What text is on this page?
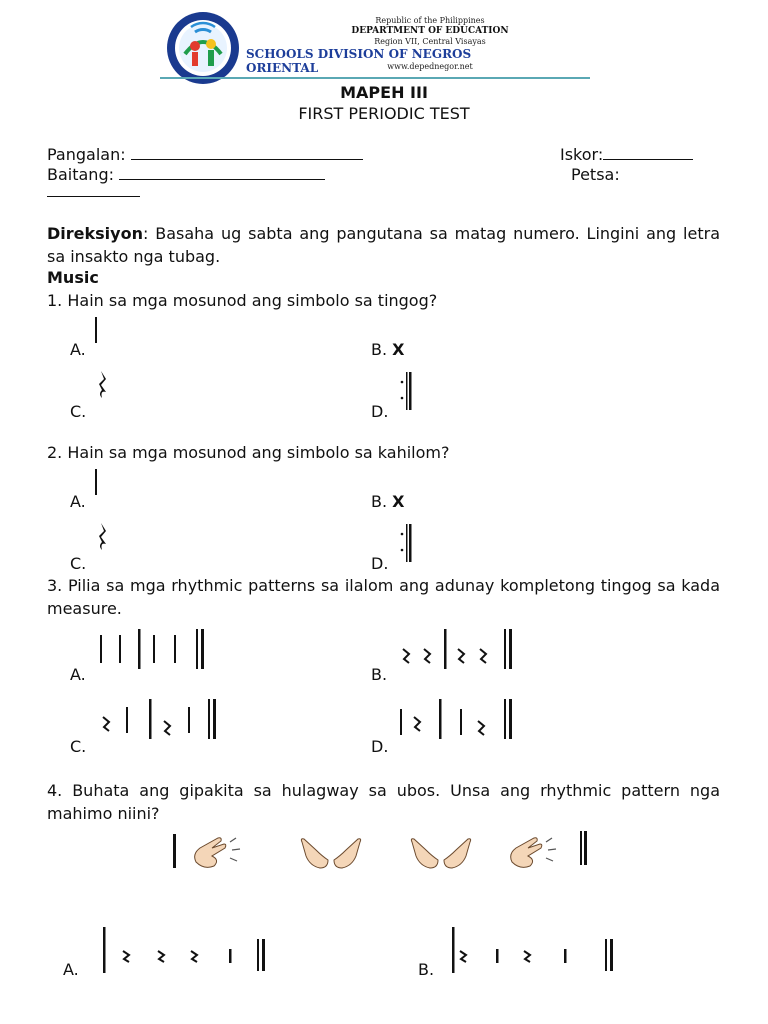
Republic of the Philippines
DEPARTMENT OF EDUCATION
Region VII, Central Visayas
SCHOOLS DIVISION OF NEGROS ORIENTAL	www.depednegor.net
MAPEH III
FIRST PERIODIC TEST
Pangalan:	Iskor:
Baitang:	Petsa:
Direksiyon: Basaha ug sabta ang pangutana sa matag numero. Lingini ang letra sa insakto nga tubag.
Music
1. Hain sa mga mosunod ang simbolo sa tingog?
A.	B. X
C.	D.
2. Hain sa mga mosunod ang simbolo sa kahilom?
A.	B. X
C.	D.
3. Pilia sa mga rhythmic patterns sa ilalom ang adunay kompletong tingog sa kada measure.
A.	B.
C.	D.
4. Buhata ang gipakita sa hulagway sa ubos. Unsa ang rhythmic pattern nga mahimo niini?
A.	B.
